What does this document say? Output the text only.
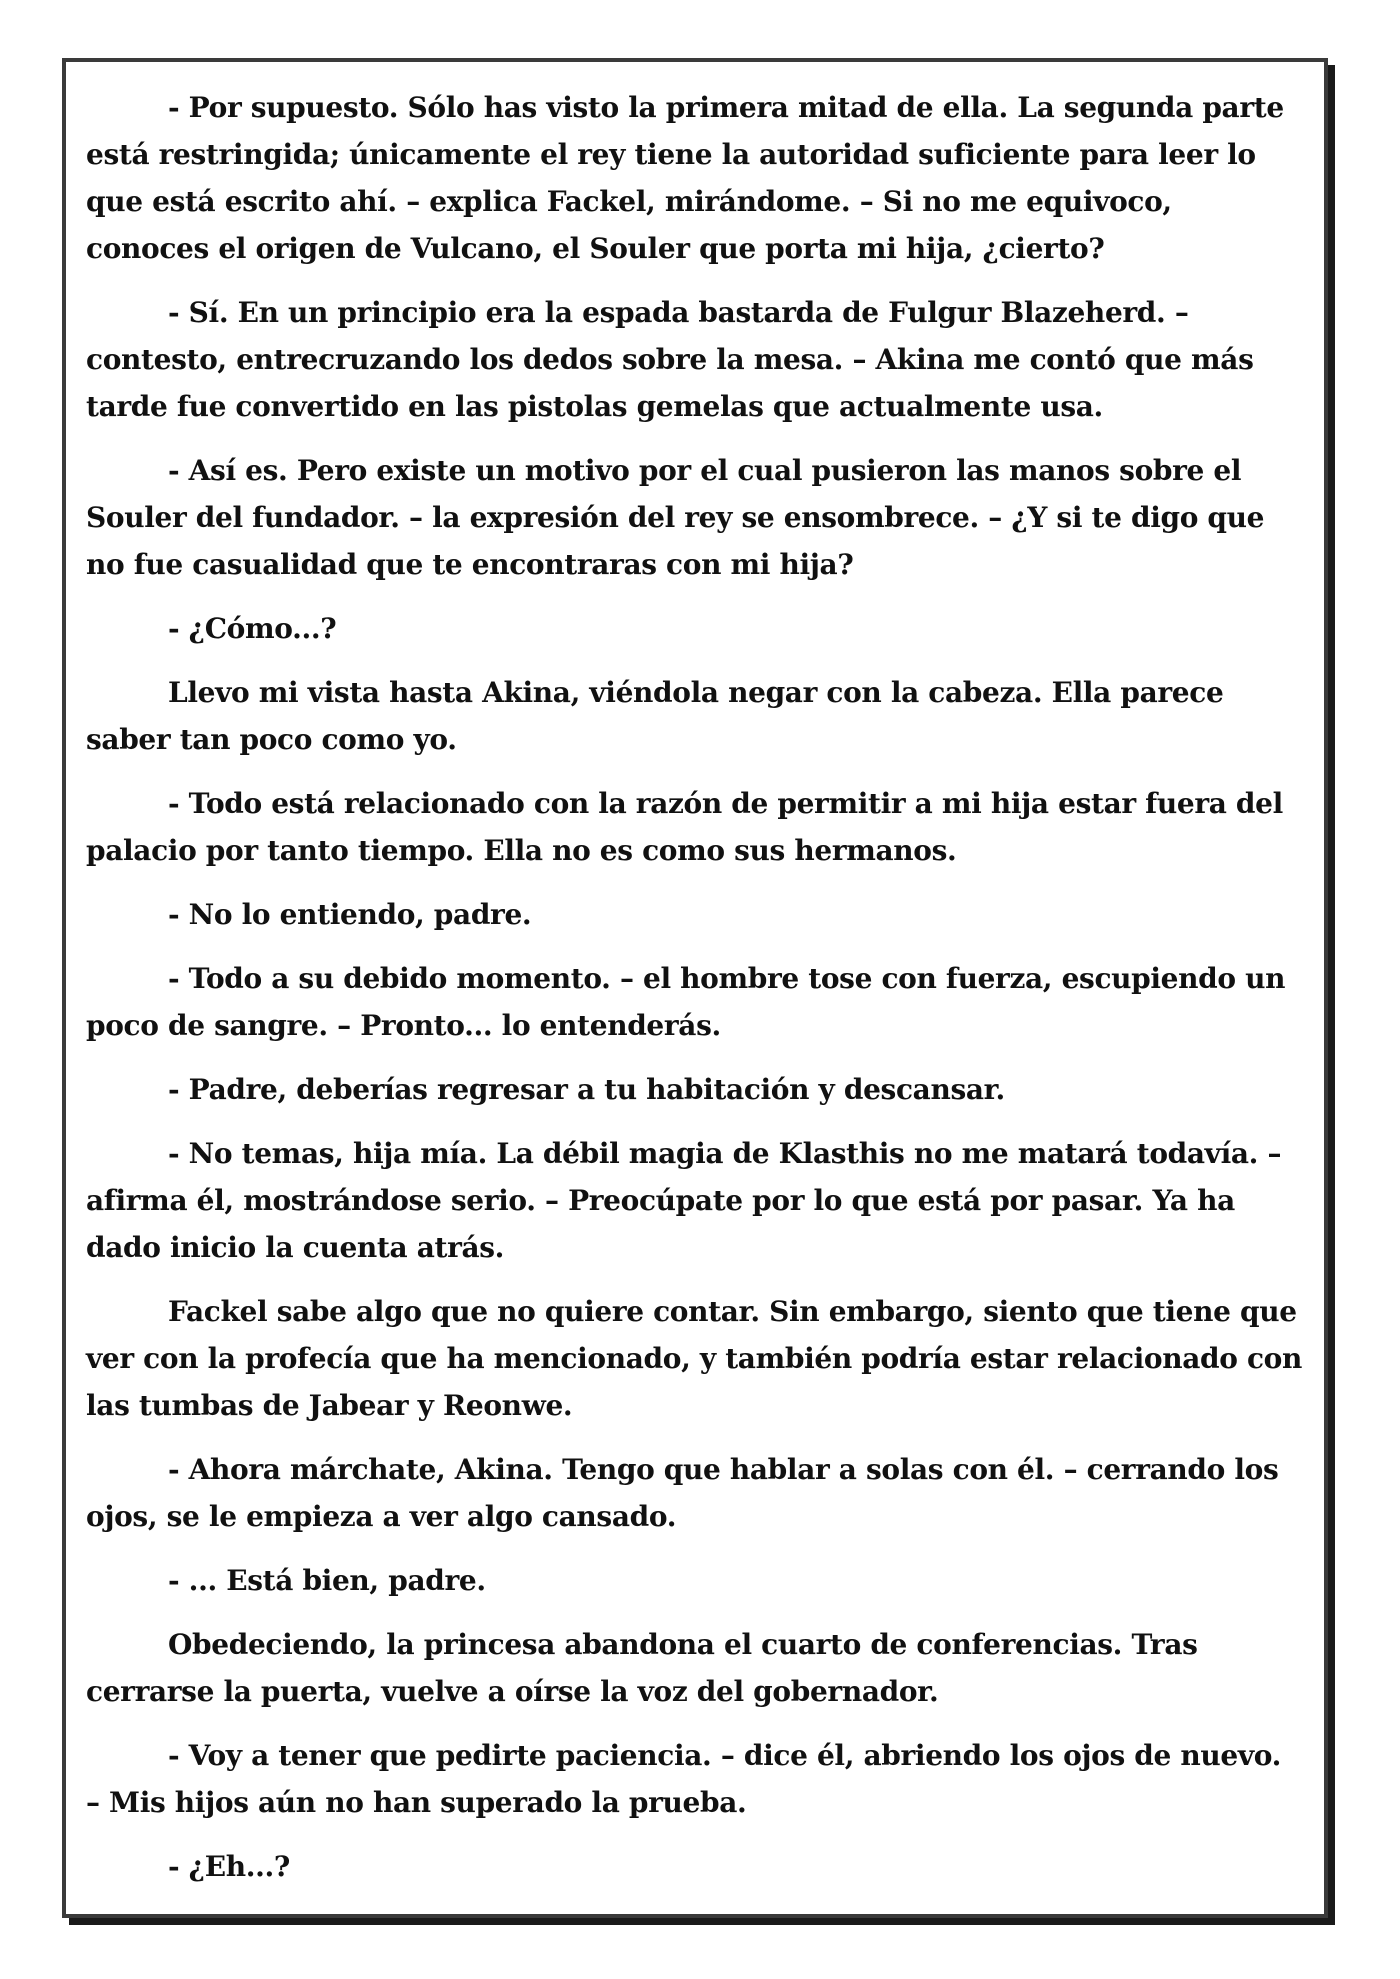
- Por supuesto. Sólo has visto la primera mitad de ella. La segunda parte está restringida; únicamente el rey tiene la autoridad suficiente para leer lo que está escrito ahí. – explica Fackel, mirándome. – Si no me equivoco, conoces el origen de Vulcano, el Souler que porta mi hija, ¿cierto?

- Sí. En un principio era la espada bastarda de Fulgur Blazeherd. – contesto, entrecruzando los dedos sobre la mesa. – Akina me contó que más tarde fue convertido en las pistolas gemelas que actualmente usa.

- Así es. Pero existe un motivo por el cual pusieron las manos sobre el Souler del fundador. – la expresión del rey se ensombrece. – ¿Y si te digo que no fue casualidad que te encontraras con mi hija?

- ¿Cómo...?

Llevo mi vista hasta Akina, viéndola negar con la cabeza. Ella parece saber tan poco como yo.

- Todo está relacionado con la razón de permitir a mi hija estar fuera del palacio por tanto tiempo. Ella no es como sus hermanos.

- No lo entiendo, padre.

- Todo a su debido momento. – el hombre tose con fuerza, escupiendo un poco de sangre. – Pronto... lo entenderás.

- Padre, deberías regresar a tu habitación y descansar.

- No temas, hija mía. La débil magia de Klasthis no me matará todavía. – afirma él, mostrándose serio. – Preocúpate por lo que está por pasar. Ya ha dado inicio la cuenta atrás.

Fackel sabe algo que no quiere contar. Sin embargo, siento que tiene que ver con la profecía que ha mencionado, y también podría estar relacionado con las tumbas de Jabear y Reonwe.

- Ahora márchate, Akina. Tengo que hablar a solas con él. – cerrando los ojos, se le empieza a ver algo cansado.

- ... Está bien, padre.

Obedeciendo, la princesa abandona el cuarto de conferencias. Tras cerrarse la puerta, vuelve a oírse la voz del gobernador.

- Voy a tener que pedirte paciencia. – dice él, abriendo los ojos de nuevo. – Mis hijos aún no han superado la prueba.

- ¿Eh...?
